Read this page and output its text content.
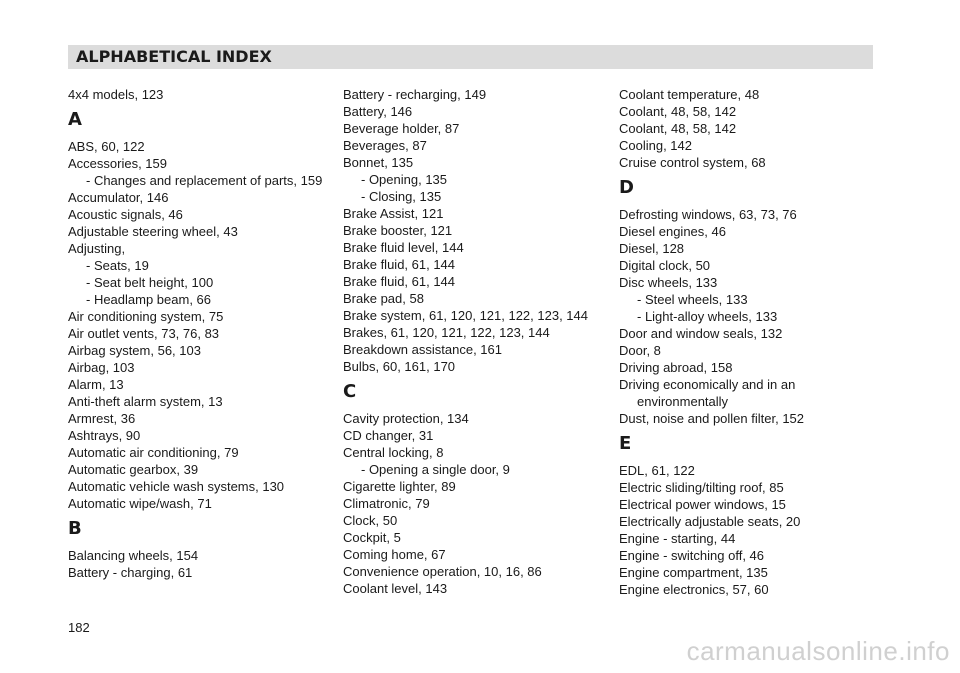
ALPHABETICAL INDEX
4x4 models, 123
A
ABS, 60, 122
Accessories, 159
- Changes and replacement of parts, 159
Accumulator, 146
Acoustic signals, 46
Adjustable steering wheel, 43
Adjusting,
- Seats, 19
- Seat belt height, 100
- Headlamp beam, 66
Air conditioning system, 75
Air outlet vents, 73, 76, 83
Airbag system, 56, 103
Airbag, 103
Alarm, 13
Anti-theft alarm system, 13
Armrest, 36
Ashtrays, 90
Automatic air conditioning, 79
Automatic gearbox, 39
Automatic vehicle wash systems, 130
Automatic wipe/wash, 71
B
Balancing wheels, 154
Battery - charging, 61
Battery - recharging, 149
Battery, 146
Beverage holder, 87
Beverages, 87
Bonnet, 135
- Opening, 135
- Closing, 135
Brake Assist, 121
Brake booster, 121
Brake fluid level, 144
Brake fluid, 61, 144
Brake fluid, 61, 144
Brake pad, 58
Brake system, 61, 120, 121, 122, 123, 144
Brakes, 61, 120, 121, 122, 123, 144
Breakdown assistance, 161
Bulbs, 60, 161, 170
C
Cavity protection, 134
CD changer, 31
Central locking, 8
- Opening a single door, 9
Cigarette lighter, 89
Climatronic, 79
Clock, 50
Cockpit, 5
Coming home, 67
Convenience operation, 10, 16, 86
Coolant level, 143
Coolant temperature, 48
Coolant, 48, 58, 142
Coolant, 48, 58, 142
Cooling, 142
Cruise control system, 68
D
Defrosting windows, 63, 73, 76
Diesel engines, 46
Diesel, 128
Digital clock, 50
Disc wheels, 133
- Steel wheels, 133
- Light-alloy wheels, 133
Door and window seals, 132
Door, 8
Driving abroad, 158
Driving economically and in an environmentally
Dust, noise and pollen filter, 152
E
EDL, 61, 122
Electric sliding/tilting roof, 85
Electrical power windows, 15
Electrically adjustable seats, 20
Engine - starting, 44
Engine - switching off, 46
Engine compartment, 135
Engine electronics, 57, 60
182
carmanualsonline.info
